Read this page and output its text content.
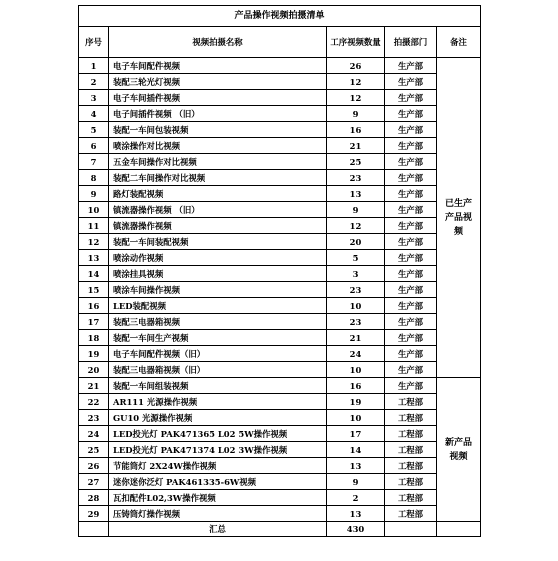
产品操作视频拍摄清单				
序号	视频拍摄名称	工序视频数量	拍摄部门	备注
1	电子车间配件视频	26	生产部	已生产产品视频
2	装配三轮光灯视频	12	生产部	
3	电子车间插件视频	12	生产部	
4	电子间插件视频 （旧）	9	生产部	
5	装配一车间包装视频	16	生产部	
6	喷涂操作对比视频	21	生产部	
7	五金车间操作对比视频	25	生产部	
8	装配二车间操作对比视频	23	生产部	
9	路灯装配视频	13	生产部	
10	镇流器操作视频 （旧）	9	生产部	
11	镇流器操作视频	12	生产部	
12	装配一车间装配视频	20	生产部	
13	喷涂动作视频	5	生产部	
14	喷涂挂具视频	3	生产部	
15	喷涂车间操作视频	23	生产部	
16	LED装配视频	10	生产部	
17	装配三电器箱视频	23	生产部	
18	装配一车间生产视频	21	生产部	
19	电子车间配件视频（旧）	24	生产部	
20	装配三电器箱视频（旧）	10	生产部	
21	装配一车间组装视频	16	生产部	新产品视频
22	AR111 光源操作视频	19	工程部	
23	GU10 光源操作视频	10	工程部	
24	LED投光灯 PAK471365 L02 5W操作视频	17	工程部	
25	LED投光灯 PAK471374 L02 3W操作视频	14	工程部	
26	节能筒灯 2X24W操作视频	13	工程部	
27	迷你迷你泛灯 PAK461335-6W视频	9	工程部	
28	瓦扣配件L02,3W操作视频	2	工程部	
29	压铸筒灯操作视频	13	工程部	
	汇总	430		
